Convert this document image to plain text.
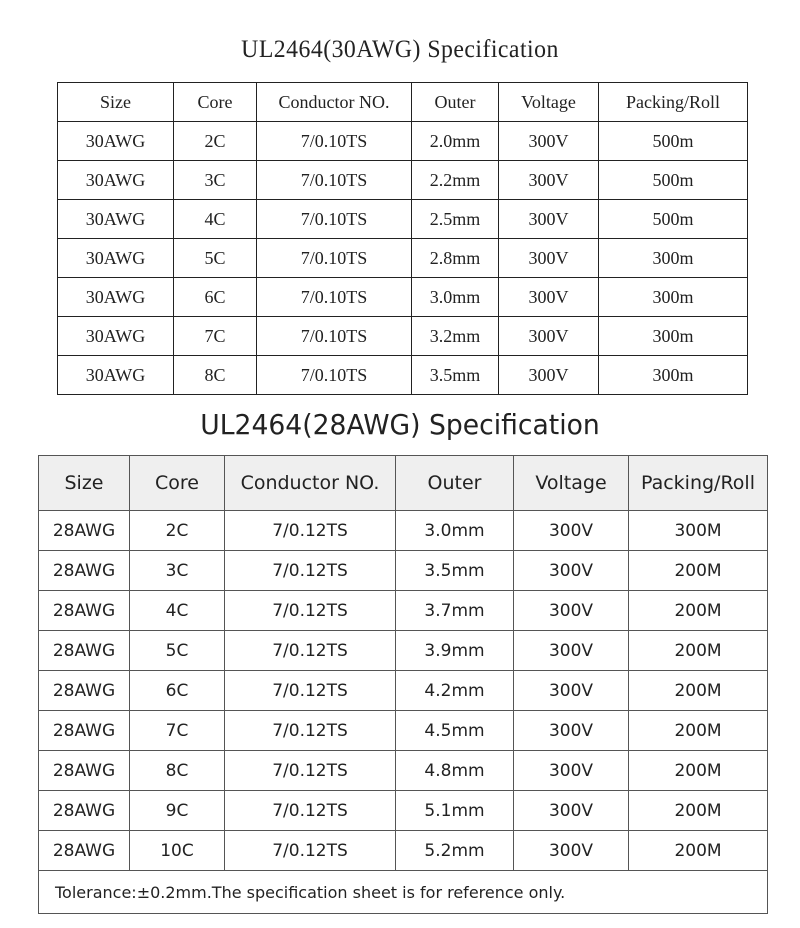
UL2464(30AWG) Specification
Size	Core	Conductor NO.	Outer	Voltage	Packing/Roll
30AWG	2C	7/0.10TS	2.0mm	300V	500m
30AWG	3C	7/0.10TS	2.2mm	300V	500m
30AWG	4C	7/0.10TS	2.5mm	300V	500m
30AWG	5C	7/0.10TS	2.8mm	300V	300m
30AWG	6C	7/0.10TS	3.0mm	300V	300m
30AWG	7C	7/0.10TS	3.2mm	300V	300m
30AWG	8C	7/0.10TS	3.5mm	300V	300m
UL2464(28AWG) Specification
Size	Core	Conductor NO.	Outer	Voltage	Packing/Roll
28AWG	2C	7/0.12TS	3.0mm	300V	300M
28AWG	3C	7/0.12TS	3.5mm	300V	200M
28AWG	4C	7/0.12TS	3.7mm	300V	200M
28AWG	5C	7/0.12TS	3.9mm	300V	200M
28AWG	6C	7/0.12TS	4.2mm	300V	200M
28AWG	7C	7/0.12TS	4.5mm	300V	200M
28AWG	8C	7/0.12TS	4.8mm	300V	200M
28AWG	9C	7/0.12TS	5.1mm	300V	200M
28AWG	10C	7/0.12TS	5.2mm	300V	200M
Tolerance:±0.2mm.The specification sheet is for reference only.					
